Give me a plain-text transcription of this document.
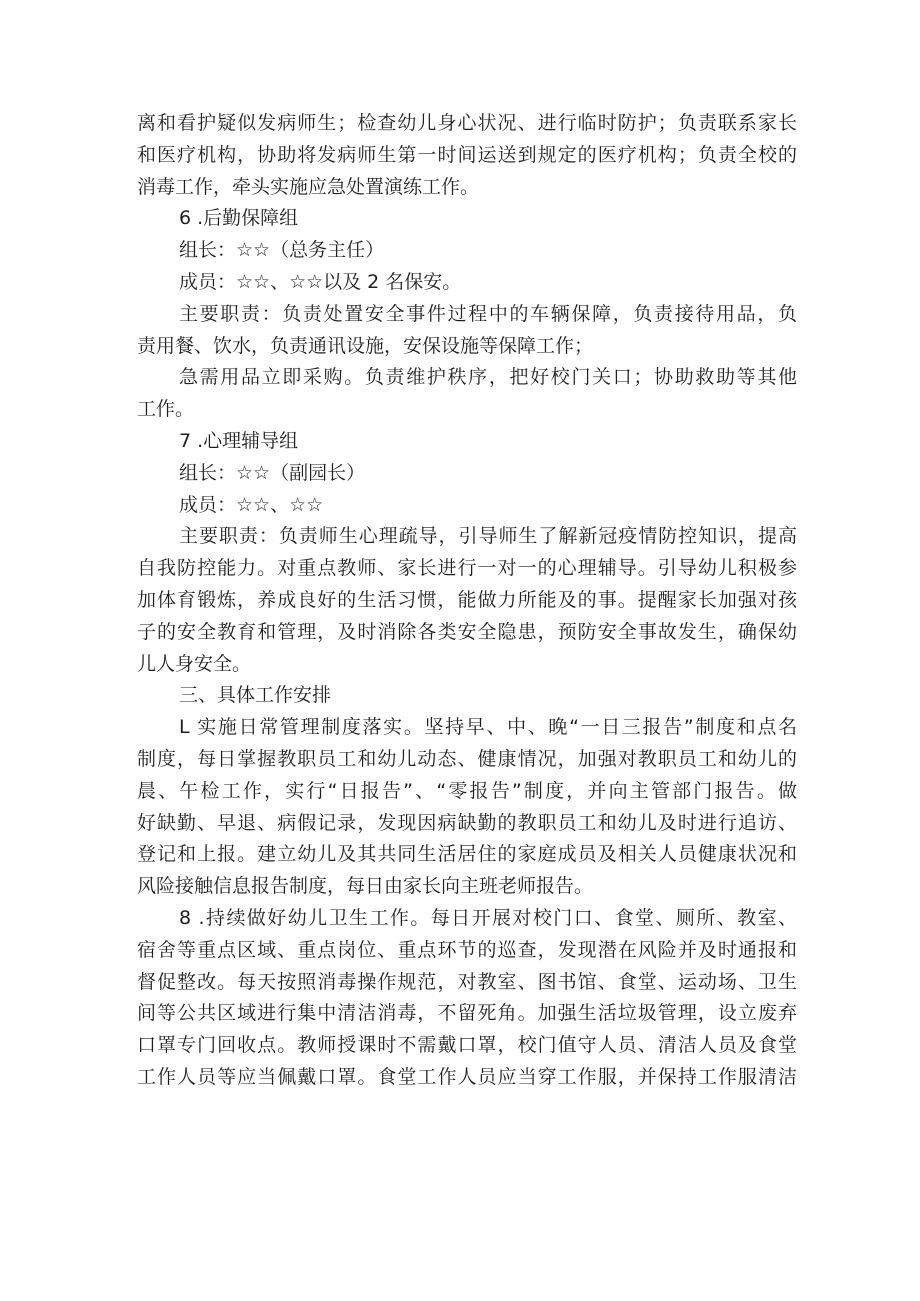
离和看护疑似发病师生；检查幼儿身心状况、进行临时防护；负责联系家长
和医疗机构，协助将发病师生第一时间运送到规定的医疗机构；负责全校的
消毒工作，牵头实施应急处置演练工作。
6 .后勤保障组
组长：☆☆（总务主任）
成员：☆☆、☆☆以及 2 名保安。
主要职责：负责处置安全事件过程中的车辆保障，负责接待用品，负
责用餐、饮水，负责通讯设施，安保设施等保障工作；
急需用品立即采购。负责维护秩序，把好校门关口；协助救助等其他
工作。
7 .心理辅导组
组长：☆☆（副园长）
成员：☆☆、☆☆
主要职责：负责师生心理疏导，引导师生了解新冠疫情防控知识，提高
自我防控能力。对重点教师、家长进行一对一的心理辅导。引导幼儿积极参
加体育锻炼，养成良好的生活习惯，能做力所能及的事。提醒家长加强对孩
子的安全教育和管理，及时消除各类安全隐患，预防安全事故发生，确保幼
儿人身安全。
三、具体工作安排
L 实施日常管理制度落实。坚持早、中、晚“一日三报告”制度和点名
制度，每日掌握教职员工和幼儿动态、健康情况，加强对教职员工和幼儿的
晨、午检工作，实行“日报告”、“零报告”制度，并向主管部门报告。做
好缺勤、早退、病假记录，发现因病缺勤的教职员工和幼儿及时进行追访、
登记和上报。建立幼儿及其共同生活居住的家庭成员及相关人员健康状况和
风险接触信息报告制度，每日由家长向主班老师报告。
8 .持续做好幼儿卫生工作。每日开展对校门口、食堂、厕所、教室、
宿舍等重点区域、重点岗位、重点环节的巡查，发现潜在风险并及时通报和
督促整改。每天按照消毒操作规范，对教室、图书馆、食堂、运动场、卫生
间等公共区域进行集中清洁消毒，不留死角。加强生活垃圾管理，设立废弃
口罩专门回收点。教师授课时不需戴口罩，校门值守人员、清洁人员及食堂
工作人员等应当佩戴口罩。食堂工作人员应当穿工作服，并保持工作服清洁
